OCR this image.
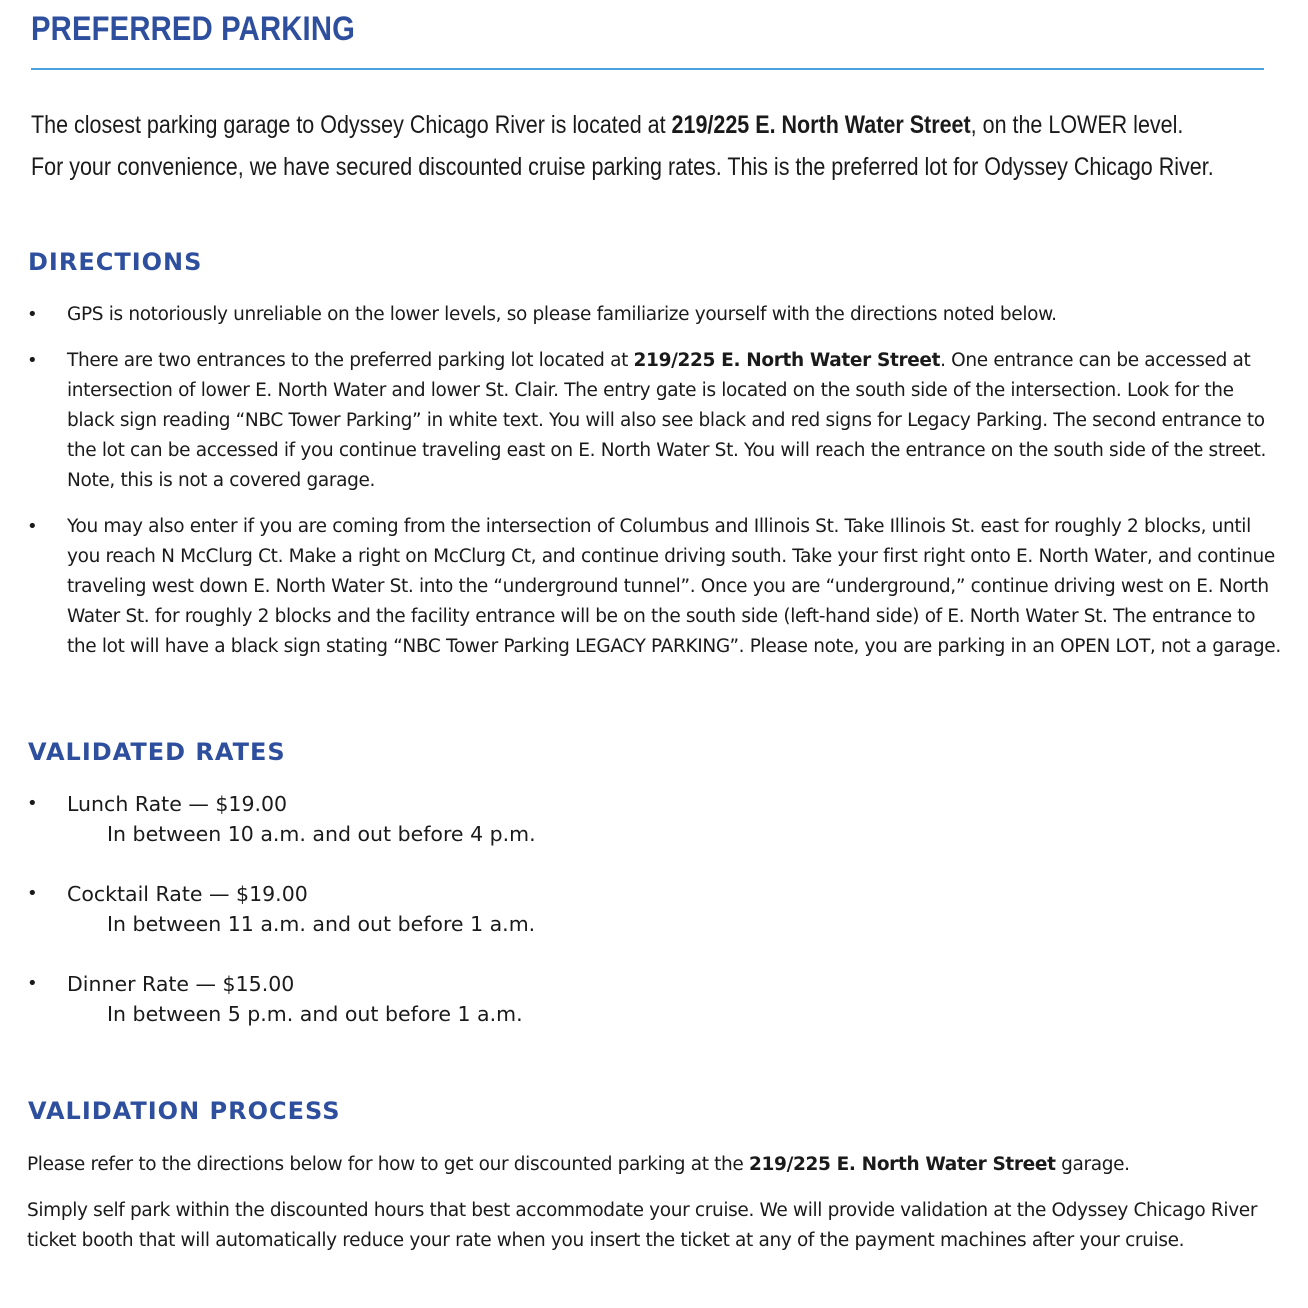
PREFERRED PARKING
The closest parking garage to Odyssey Chicago River is located at 219/225 E. North Water Street, on the LOWER level.
For your convenience, we have secured discounted cruise parking rates. This is the preferred lot for Odyssey Chicago River.
DIRECTIONS
• GPS is notoriously unreliable on the lower levels, so please familiarize yourself with the directions noted below.
• There are two entrances to the preferred parking lot located at 219/225 E. North Water Street. One entrance can be accessed at intersection of lower E. North Water and lower St. Clair. The entry gate is located on the south side of the intersection. Look for the black sign reading “NBC Tower Parking” in white text. You will also see black and red signs for Legacy Parking. The second entrance to the lot can be accessed if you continue traveling east on E. North Water St. You will reach the entrance on the south side of the street. Note, this is not a covered garage.
• You may also enter if you are coming from the intersection of Columbus and Illinois St. Take Illinois St. east for roughly 2 blocks, until you reach N McClurg Ct. Make a right on McClurg Ct, and continue driving south. Take your first right onto E. North Water, and continue traveling west down E. North Water St. into the “underground tunnel”. Once you are “underground,” continue driving west on E. North Water St. for roughly 2 blocks and the facility entrance will be on the south side (left-hand side) of E. North Water St. The entrance to the lot will have a black sign stating “NBC Tower Parking LEGACY PARKING”. Please note, you are parking in an OPEN LOT, not a garage.
VALIDATED RATES
• Lunch Rate — $19.00
In between 10 a.m. and out before 4 p.m.
• Cocktail Rate — $19.00
In between 11 a.m. and out before 1 a.m.
• Dinner Rate — $15.00
In between 5 p.m. and out before 1 a.m.
VALIDATION PROCESS

Please refer to the directions below for how to get our discounted parking at the 219/225 E. North Water Street garage.

Simply self park within the discounted hours that best accommodate your cruise. We will provide validation at the Odyssey Chicago River ticket booth that will automatically reduce your rate when you insert the ticket at any of the payment machines after your cruise.
